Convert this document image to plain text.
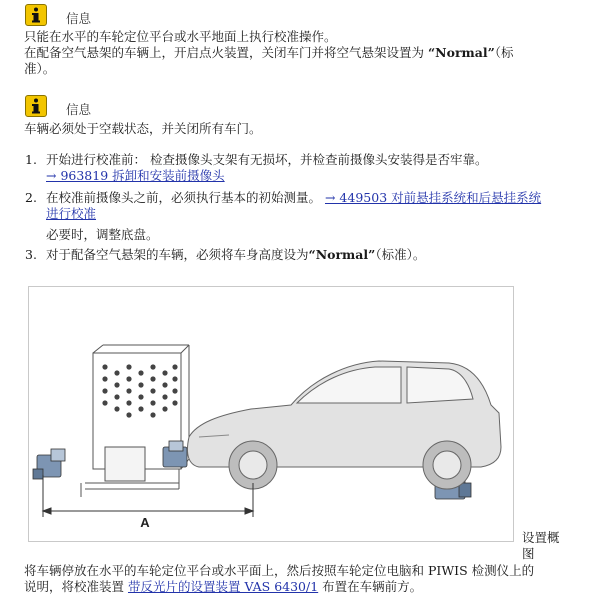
信息
只能在水平的车轮定位平台或水平地面上执行校准操作。
在配备空气悬架的车辆上，开启点火装置，关闭车门并将空气悬架设置为 “Normal”（标
准）。
信息
车辆必须处于空载状态，并关闭所有车门。
1. 开始进行校准前： 检查摄像头支架有无损坏，并检查前摄像头安装得是否牢靠。
→ 963819 拆卸和安装前摄像头
2. 在校准前摄像头之前，必须执行基本的初始测量。 → 449503 对前悬挂系统和后悬挂系统
进行校准
必要时，调整底盘。
3. 对于配备空气悬架的车辆，必须将车身高度设为“Normal”（标准）。
A
设置概
图
将车辆停放在水平的车轮定位平台或水平面上，然后按照车轮定位电脑和 PIWIS 检测仪上的
说明，将校准装置 带反光片的设置装置 VAS 6430/1 布置在车辆前方。
